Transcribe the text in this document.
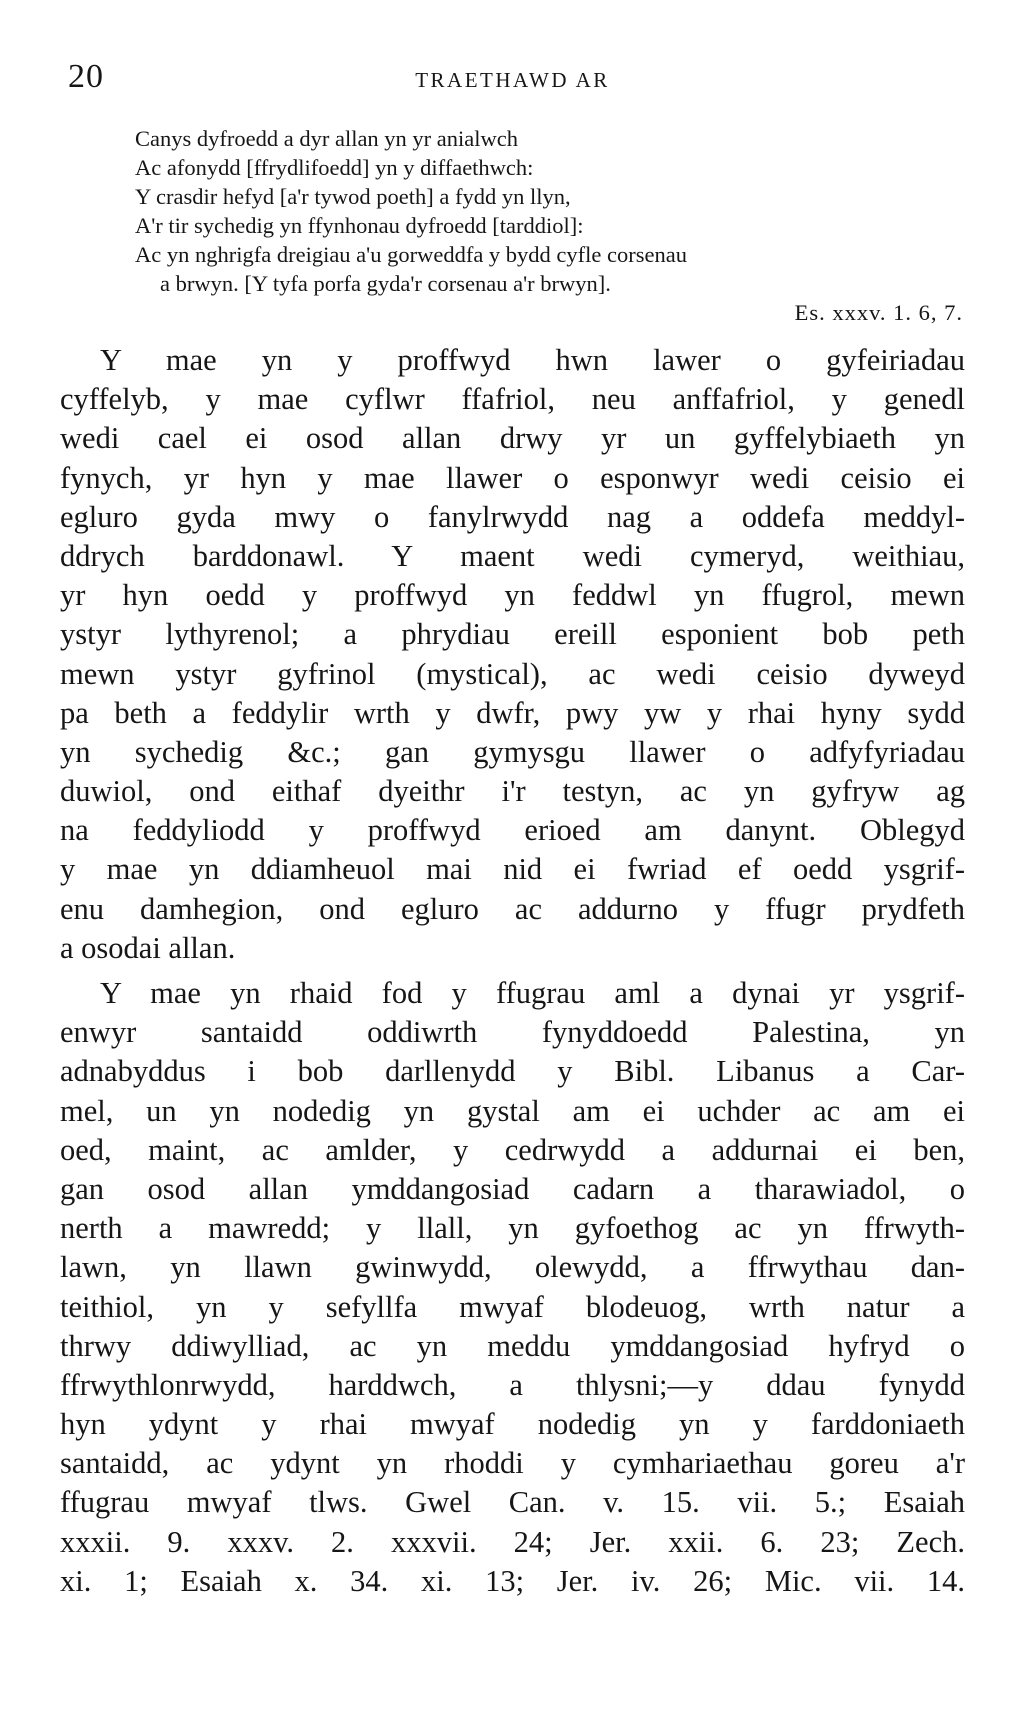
20	TRAETHAWD AR
Canys dyfroedd a dyr allan yn yr anialwch
Ac afonydd [ffrydlifoedd] yn y diffaethwch:
Y crasdir hefyd [a'r tywod poeth] a fydd yn llyn,
A'r tir sychedig yn ffynhonau dyfroedd [tarddiol]:
Ac yn nghrigfa dreigiau a'u gorweddfa y bydd cyfle corsenau
a brwyn. [Y tyfa porfa gyda'r corsenau a'r brwyn].
Es. xxxv. 1. 6, 7.
Y mae yn y proffwyd hwn lawer o gyfeiriadau
cyffelyb, y mae cyflwr ffafriol, neu anffafriol, y genedl
wedi cael ei osod allan drwy yr un gyffelybiaeth yn
fynych, yr hyn y mae llawer o esponwyr wedi ceisio ei
egluro gyda mwy o fanylrwydd nag a oddefa meddyl-
ddrych barddonawl. Y maent wedi cymeryd, weithiau,
yr hyn oedd y proffwyd yn feddwl yn ffugrol, mewn
ystyr lythyrenol; a phrydiau ereill esponient bob peth
mewn ystyr gyfrinol (mystical), ac wedi ceisio dyweyd
pa beth a feddylir wrth y dwfr, pwy yw y rhai hyny sydd
yn sychedig &c.; gan gymysgu llawer o adfyfyriadau
duwiol, ond eithaf dyeithr i'r testyn, ac yn gyfryw ag
na feddyliodd y proffwyd erioed am danynt. Oblegyd
y mae yn ddiamheuol mai nid ei fwriad ef oedd ysgrif-
enu damhegion, ond egluro ac addurno y ffugr prydfeth
a osodai allan.
Y mae yn rhaid fod y ffugrau aml a dynai yr ysgrif-
enwyr santaidd oddiwrth fynyddoedd Palestina, yn
adnabyddus i bob darllenydd y Bibl. Libanus a Car-
mel, un yn nodedig yn gystal am ei uchder ac am ei
oed, maint, ac amlder, y cedrwydd a addurnai ei ben,
gan osod allan ymddangosiad cadarn a tharawiadol, o
nerth a mawredd; y llall, yn gyfoethog ac yn ffrwyth-
lawn, yn llawn gwinwydd, olewydd, a ffrwythau dan-
teithiol, yn y sefyllfa mwyaf blodeuog, wrth natur a
thrwy ddiwylliad, ac yn meddu ymddangosiad hyfryd o
ffrwythlonrwydd, harddwch, a thlysni;—y ddau fynydd
hyn ydynt y rhai mwyaf nodedig yn y farddoniaeth
santaidd, ac ydynt yn rhoddi y cymhariaethau goreu a'r
ffugrau mwyaf tlws. Gwel Can. v. 15. vii. 5.; Esaiah
xxxii. 9. xxxv. 2. xxxvii. 24; Jer. xxii. 6. 23; Zech.
xi. 1; Esaiah x. 34. xi. 13; Jer. iv. 26; Mic. vii. 14.
